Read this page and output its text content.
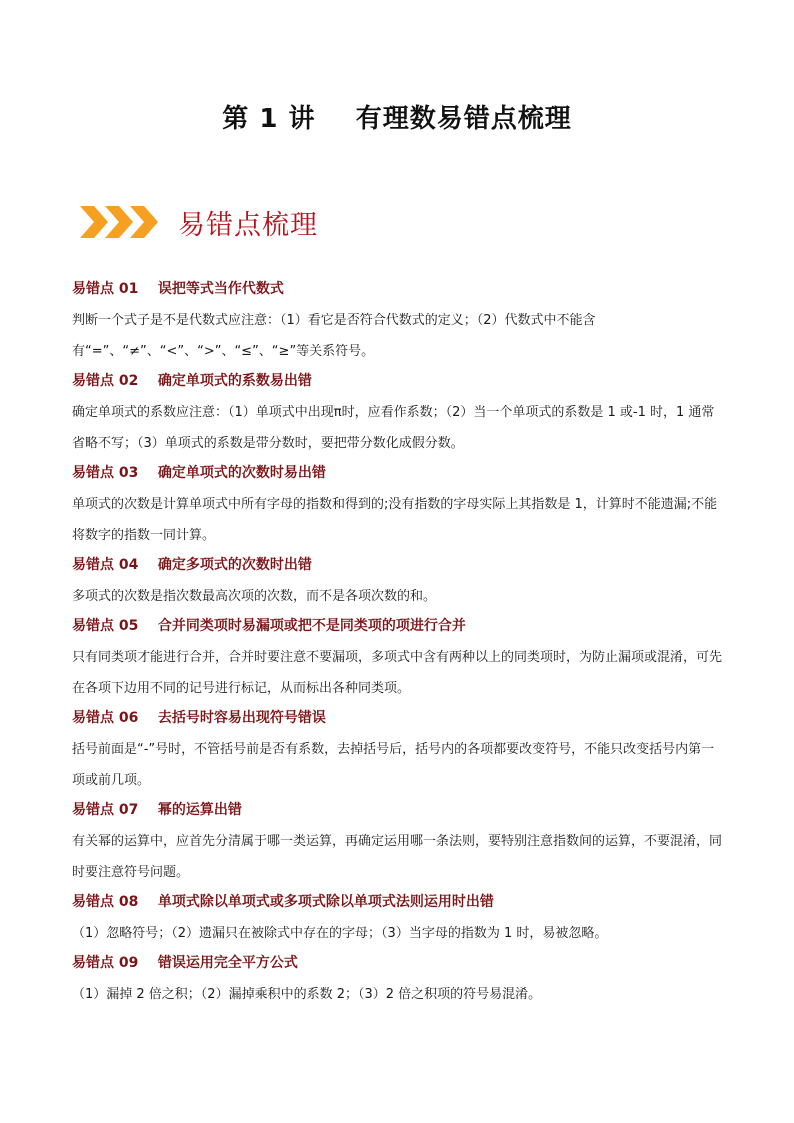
第 1 讲    有理数易错点梳理
易错点梳理
易错点 01    误把等式当作代数式
判断一个式子是不是代数式应注意：（1）看它是否符合代数式的定义；（2）代数式中不能含有“=”、“≠”、“<”、“>”、“≤”、“≥”等关系符号。
易错点 02    确定单项式的系数易出错
确定单项式的系数应注意：（1）单项式中出现π时，应看作系数；（2）当一个单项式的系数是 1 或-1 时，1 通常省略不写；（3）单项式的系数是带分数时，要把带分数化成假分数。
易错点 03    确定单项式的次数时易出错
单项式的次数是计算单项式中所有字母的指数和得到的;没有指数的字母实际上其指数是 1，计算时不能遗漏;不能将数字的指数一同计算。
易错点 04    确定多项式的次数时出错
多项式的次数是指次数最高次项的次数，而不是各项次数的和。
易错点 05    合并同类项时易漏项或把不是同类项的项进行合并
只有同类项才能进行合并，合并时要注意不要漏项，多项式中含有两种以上的同类项时，为防止漏项或混淆，可先在各项下边用不同的记号进行标记，从而标出各种同类项。
易错点 06    去括号时容易出现符号错误
括号前面是“-”号时，不管括号前是否有系数，去掉括号后，括号内的各项都要改变符号，不能只改变括号内第一项或前几项。
易错点 07    幂的运算出错
有关幂的运算中，应首先分清属于哪一类运算，再确定运用哪一条法则，要特别注意指数间的运算，不要混淆，同时要注意符号问题。
易错点 08    单项式除以单项式或多项式除以单项式法则运用时出错
（1）忽略符号；（2）遗漏只在被除式中存在的字母；（3）当字母的指数为 1 时，易被忽略。
易错点 09    错误运用完全平方公式
（1）漏掉 2 倍之积；（2）漏掉乘积中的系数 2；（3）2 倍之积项的符号易混淆。
